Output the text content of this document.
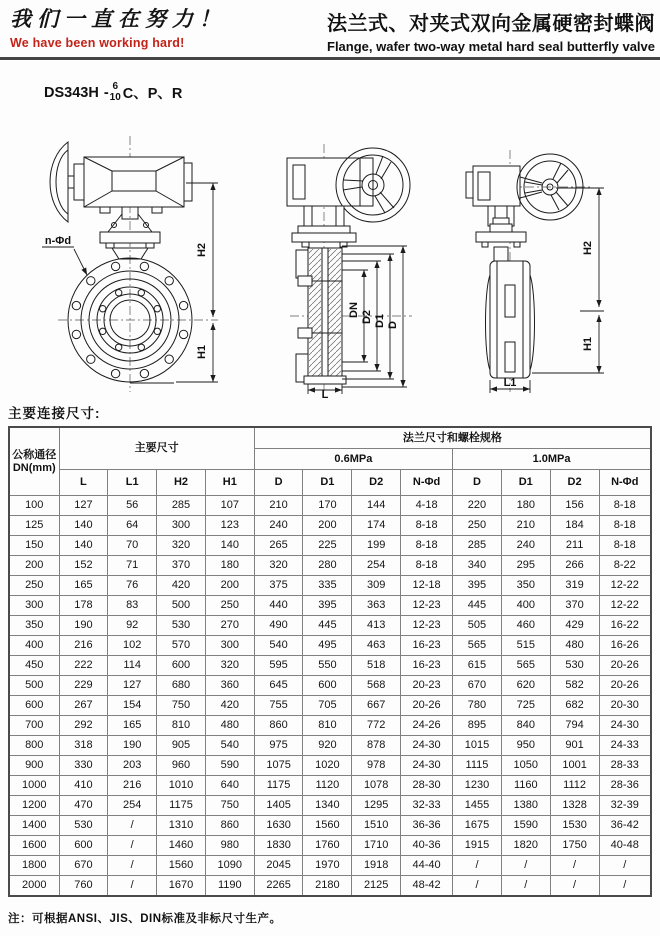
我们一直在努力！
We have been working hard!
法兰式、对夹式双向金属硬密封蝶阀
Flange, wafer two-way metal hard seal butterfly valve
DS343H - 6
10 C、P、R
n-Φd
H2
H1
DN D2 D1 D
L
H2
H1
L1
主要连接尺寸:
公称通径
DN(mm)	主要尺寸				法兰尺寸和螺栓规格							
					0.6MPa				1.0MPa			
	L	L1	H2	H1	D	D1	D2	N-Φd	D	D1	D2	N-Φd
100	127	56	285	107	210	170	144	4-18	220	180	156	8-18
125	140	64	300	123	240	200	174	8-18	250	210	184	8-18
150	140	70	320	140	265	225	199	8-18	285	240	211	8-18
200	152	71	370	180	320	280	254	8-18	340	295	266	8-22
250	165	76	420	200	375	335	309	12-18	395	350	319	12-22
300	178	83	500	250	440	395	363	12-23	445	400	370	12-22
350	190	92	530	270	490	445	413	12-23	505	460	429	16-22
400	216	102	570	300	540	495	463	16-23	565	515	480	16-26
450	222	114	600	320	595	550	518	16-23	615	565	530	20-26
500	229	127	680	360	645	600	568	20-23	670	620	582	20-26
600	267	154	750	420	755	705	667	20-26	780	725	682	20-30
700	292	165	810	480	860	810	772	24-26	895	840	794	24-30
800	318	190	905	540	975	920	878	24-30	1015	950	901	24-33
900	330	203	960	590	1075	1020	978	24-30	1115	1050	1001	28-33
1000	410	216	1010	640	1175	1120	1078	28-30	1230	1160	1112	28-36
1200	470	254	1175	750	1405	1340	1295	32-33	1455	1380	1328	32-39
1400	530	/	1310	860	1630	1560	1510	36-36	1675	1590	1530	36-42
1600	600	/	1460	980	1830	1760	1710	40-36	1915	1820	1750	40-48
1800	670	/	1560	1090	2045	1970	1918	44-40	/	/	/	/
2000	760	/	1670	1190	2265	2180	2125	48-42	/	/	/	/
注：可根据ANSI、JIS、DIN标准及非标尺寸生产。
